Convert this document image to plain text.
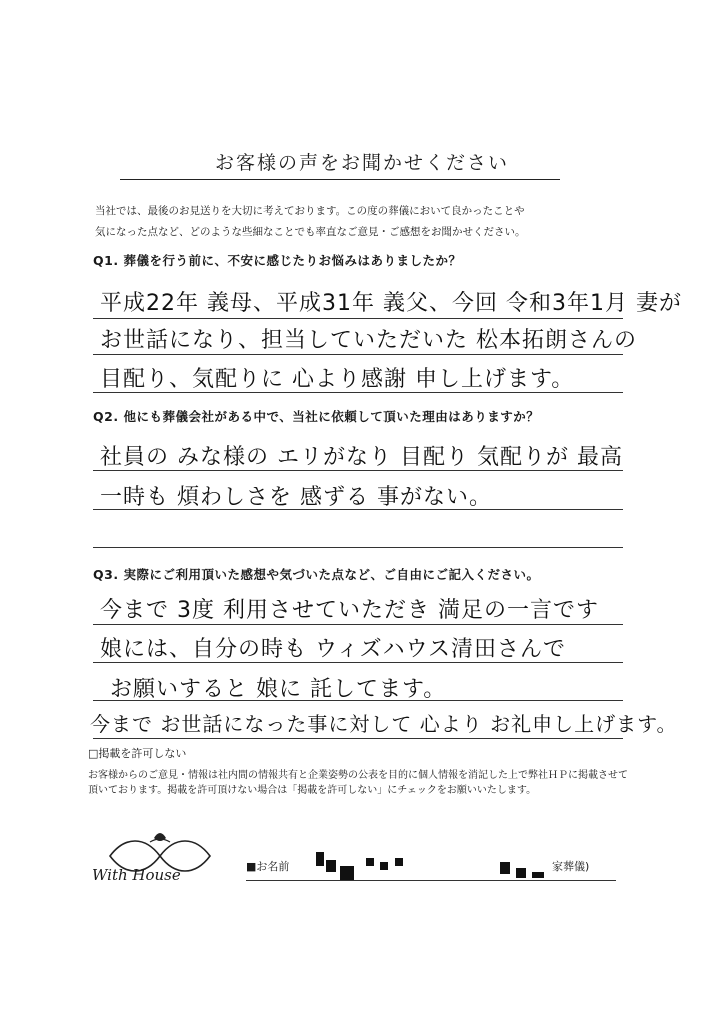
お客様の声をお聞かせください
当社では、最後のお見送りを大切に考えております。この度の葬儀において良かったことや
気になった点など、どのような些細なことでも率直なご意見・ご感想をお聞かせください。
Q1. 葬儀を行う前に、不安に感じたりお悩みはありましたか？
平成22年 義母、平成31年 義父、今回 令和3年1月 妻が
お世話になり、担当していただいた 松本拓朗さんの
目配り、気配りに 心より感謝 申し上げます。
Q2. 他にも葬儀会社がある中で、当社に依頼して頂いた理由はありますか？
社員の みな様の エリがなり 目配り 気配りが 最高
一時も 煩わしさを 感ずる 事がない。
Q3. 実際にご利用頂いた感想や気づいた点など、ご自由にご記入ください。
今まで 3度 利用させていただき 満足の一言です
娘には、自分の時も ウィズハウス清田さんで
お願いすると 娘に 託してます。
今まで お世話になった事に対して 心より お礼申し上げます。
□掲載を許可しない
お客様からのご意見・情報は社内間の情報共有と企業姿勢の公表を目的に個人情報を消記した上で弊社ＨＰに掲載させて
頂いております。掲載を許可頂けない場合は「掲載を許可しない」にチェックをお願いいたします。
With House	■お名前	家葬儀)
